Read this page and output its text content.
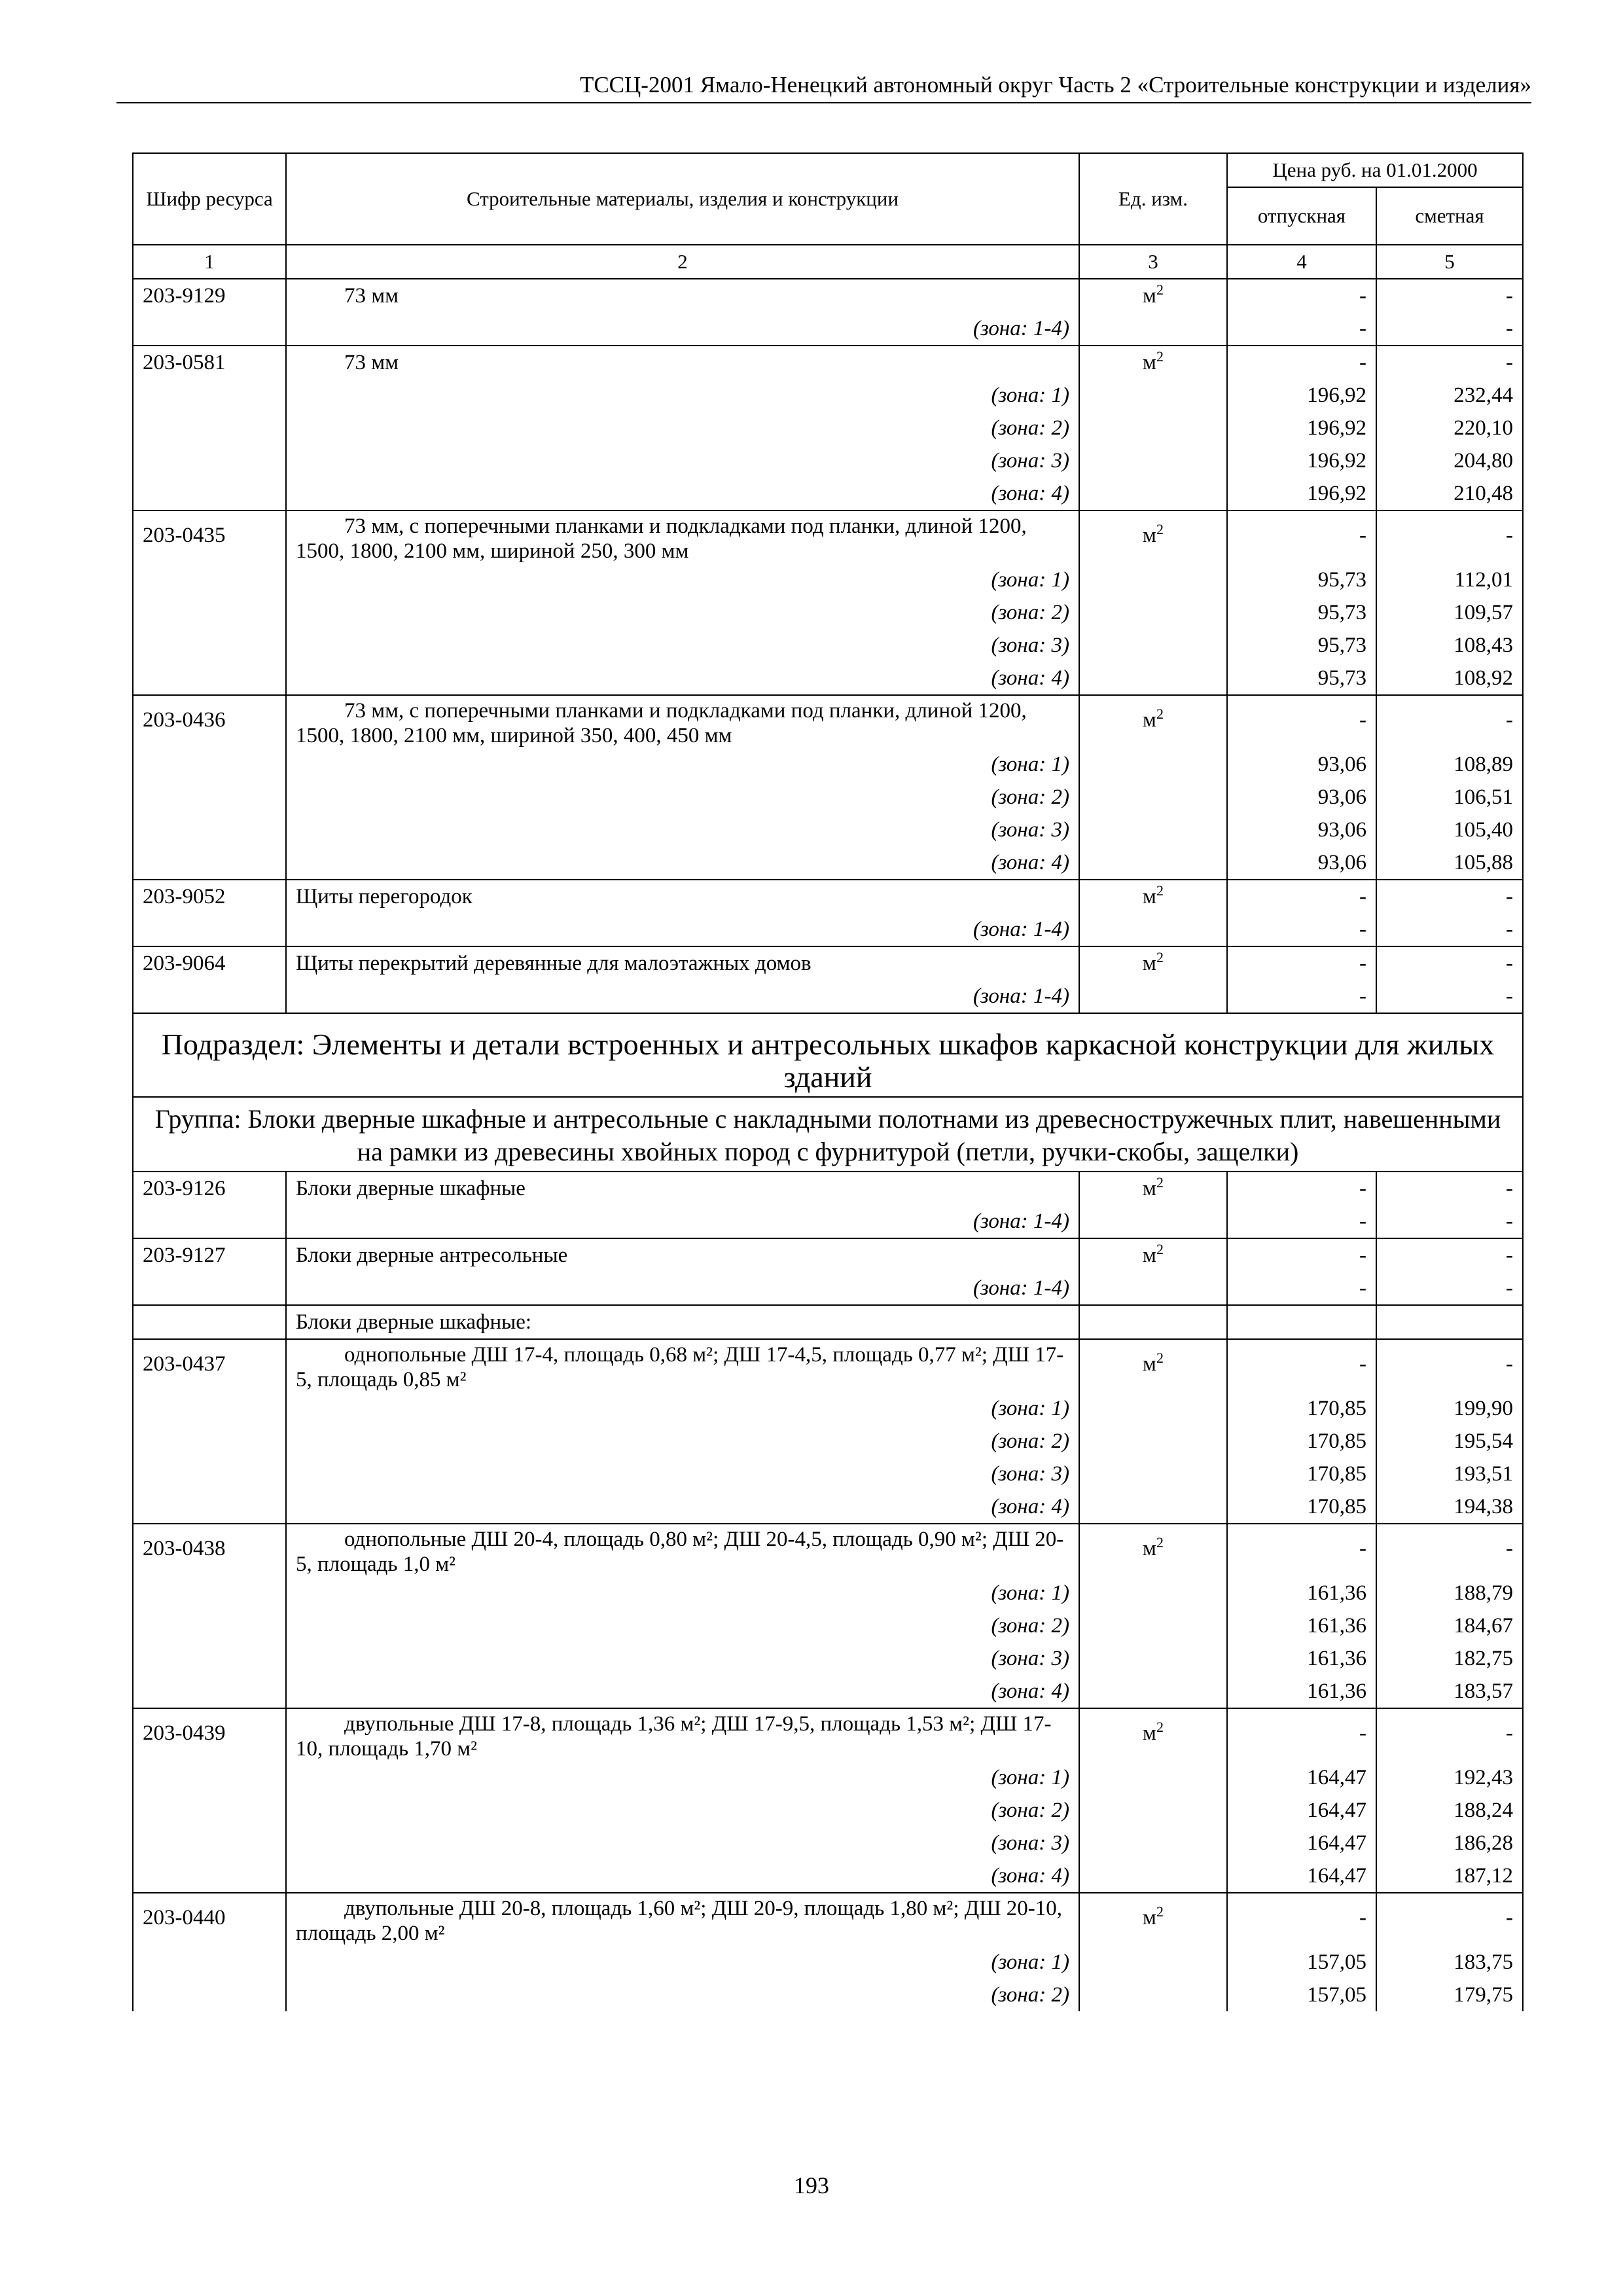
ТССЦ-2001 Ямало-Ненецкий автономный округ Часть 2 «Строительные конструкции и изделия»
Шифр ресурса	Строительные материалы, изделия и конструкции	Ед. изм.	Цена руб. на 01.01.2000	
			отпускная	сметная
1	2	3	4	5
203-9129	73 мм	$м^2$	-	-
	(зона: 1-4)		-	-
203-0581	73 мм	$м^2$	-	-
	(зона: 1)		196,92	232,44
	(зона: 2)		196,92	220,10
	(зона: 3)		196,92	204,80
	(зона: 4)		196,92	210,48
203-0435	73 мм, с поперечными планками и подкладками под планки, длиной 1200, 1500, 1800, 2100 мм, шириной 250, 300 мм	$м^2$	-	-
	(зона: 1)		95,73	112,01
	(зона: 2)		95,73	109,57
	(зона: 3)		95,73	108,43
	(зона: 4)		95,73	108,92
203-0436	73 мм, с поперечными планками и подкладками под планки, длиной 1200, 1500, 1800, 2100 мм, шириной 350, 400, 450 мм	$м^2$	-	-
	(зона: 1)		93,06	108,89
	(зона: 2)		93,06	106,51
	(зона: 3)		93,06	105,40
	(зона: 4)		93,06	105,88
203-9052	Щиты перегородок	$м^2$	-	-
	(зона: 1-4)		-	-
203-9064	Щиты перекрытий деревянные для малоэтажных домов	$м^2$	-	-
	(зона: 1-4)		-	-
Подраздел: Элементы и детали встроенных и антресольных шкафов каркасной конструкции для жилых зданий				
Группа: Блоки дверные шкафные и антресольные с накладными полотнами из древесностружечных плит, навешенными на рамки из древесины хвойных пород с фурнитурой (петли, ручки-скобы, защелки)				
203-9126	Блоки дверные шкафные	$м^2$	-	-
	(зона: 1-4)		-	-
203-9127	Блоки дверные антресольные	$м^2$	-	-
	(зона: 1-4)		-	-
	Блоки дверные шкафные:			
203-0437	однопольные ДШ 17-4, площадь 0,68 м²; ДШ 17-4,5, площадь 0,77 м²; ДШ 17-5, площадь 0,85 м²	$м^2$	-	-
	(зона: 1)		170,85	199,90
	(зона: 2)		170,85	195,54
	(зона: 3)		170,85	193,51
	(зона: 4)		170,85	194,38
203-0438	однопольные ДШ 20-4, площадь 0,80 м²; ДШ 20-4,5, площадь 0,90 м²; ДШ 20-5, площадь 1,0 м²	$м^2$	-	-
	(зона: 1)		161,36	188,79
	(зона: 2)		161,36	184,67
	(зона: 3)		161,36	182,75
	(зона: 4)		161,36	183,57
203-0439	двупольные ДШ 17-8, площадь 1,36 м²; ДШ 17-9,5, площадь 1,53 м²; ДШ 17-10, площадь 1,70 м²	$м^2$	-	-
	(зона: 1)		164,47	192,43
	(зона: 2)		164,47	188,24
	(зона: 3)		164,47	186,28
	(зона: 4)		164,47	187,12
203-0440	двупольные ДШ 20-8, площадь 1,60 м²; ДШ 20-9, площадь 1,80 м²; ДШ 20-10, площадь 2,00 м²	$м^2$	-	-
	(зона: 1)		157,05	183,75
	(зона: 2)		157,05	179,75
193
